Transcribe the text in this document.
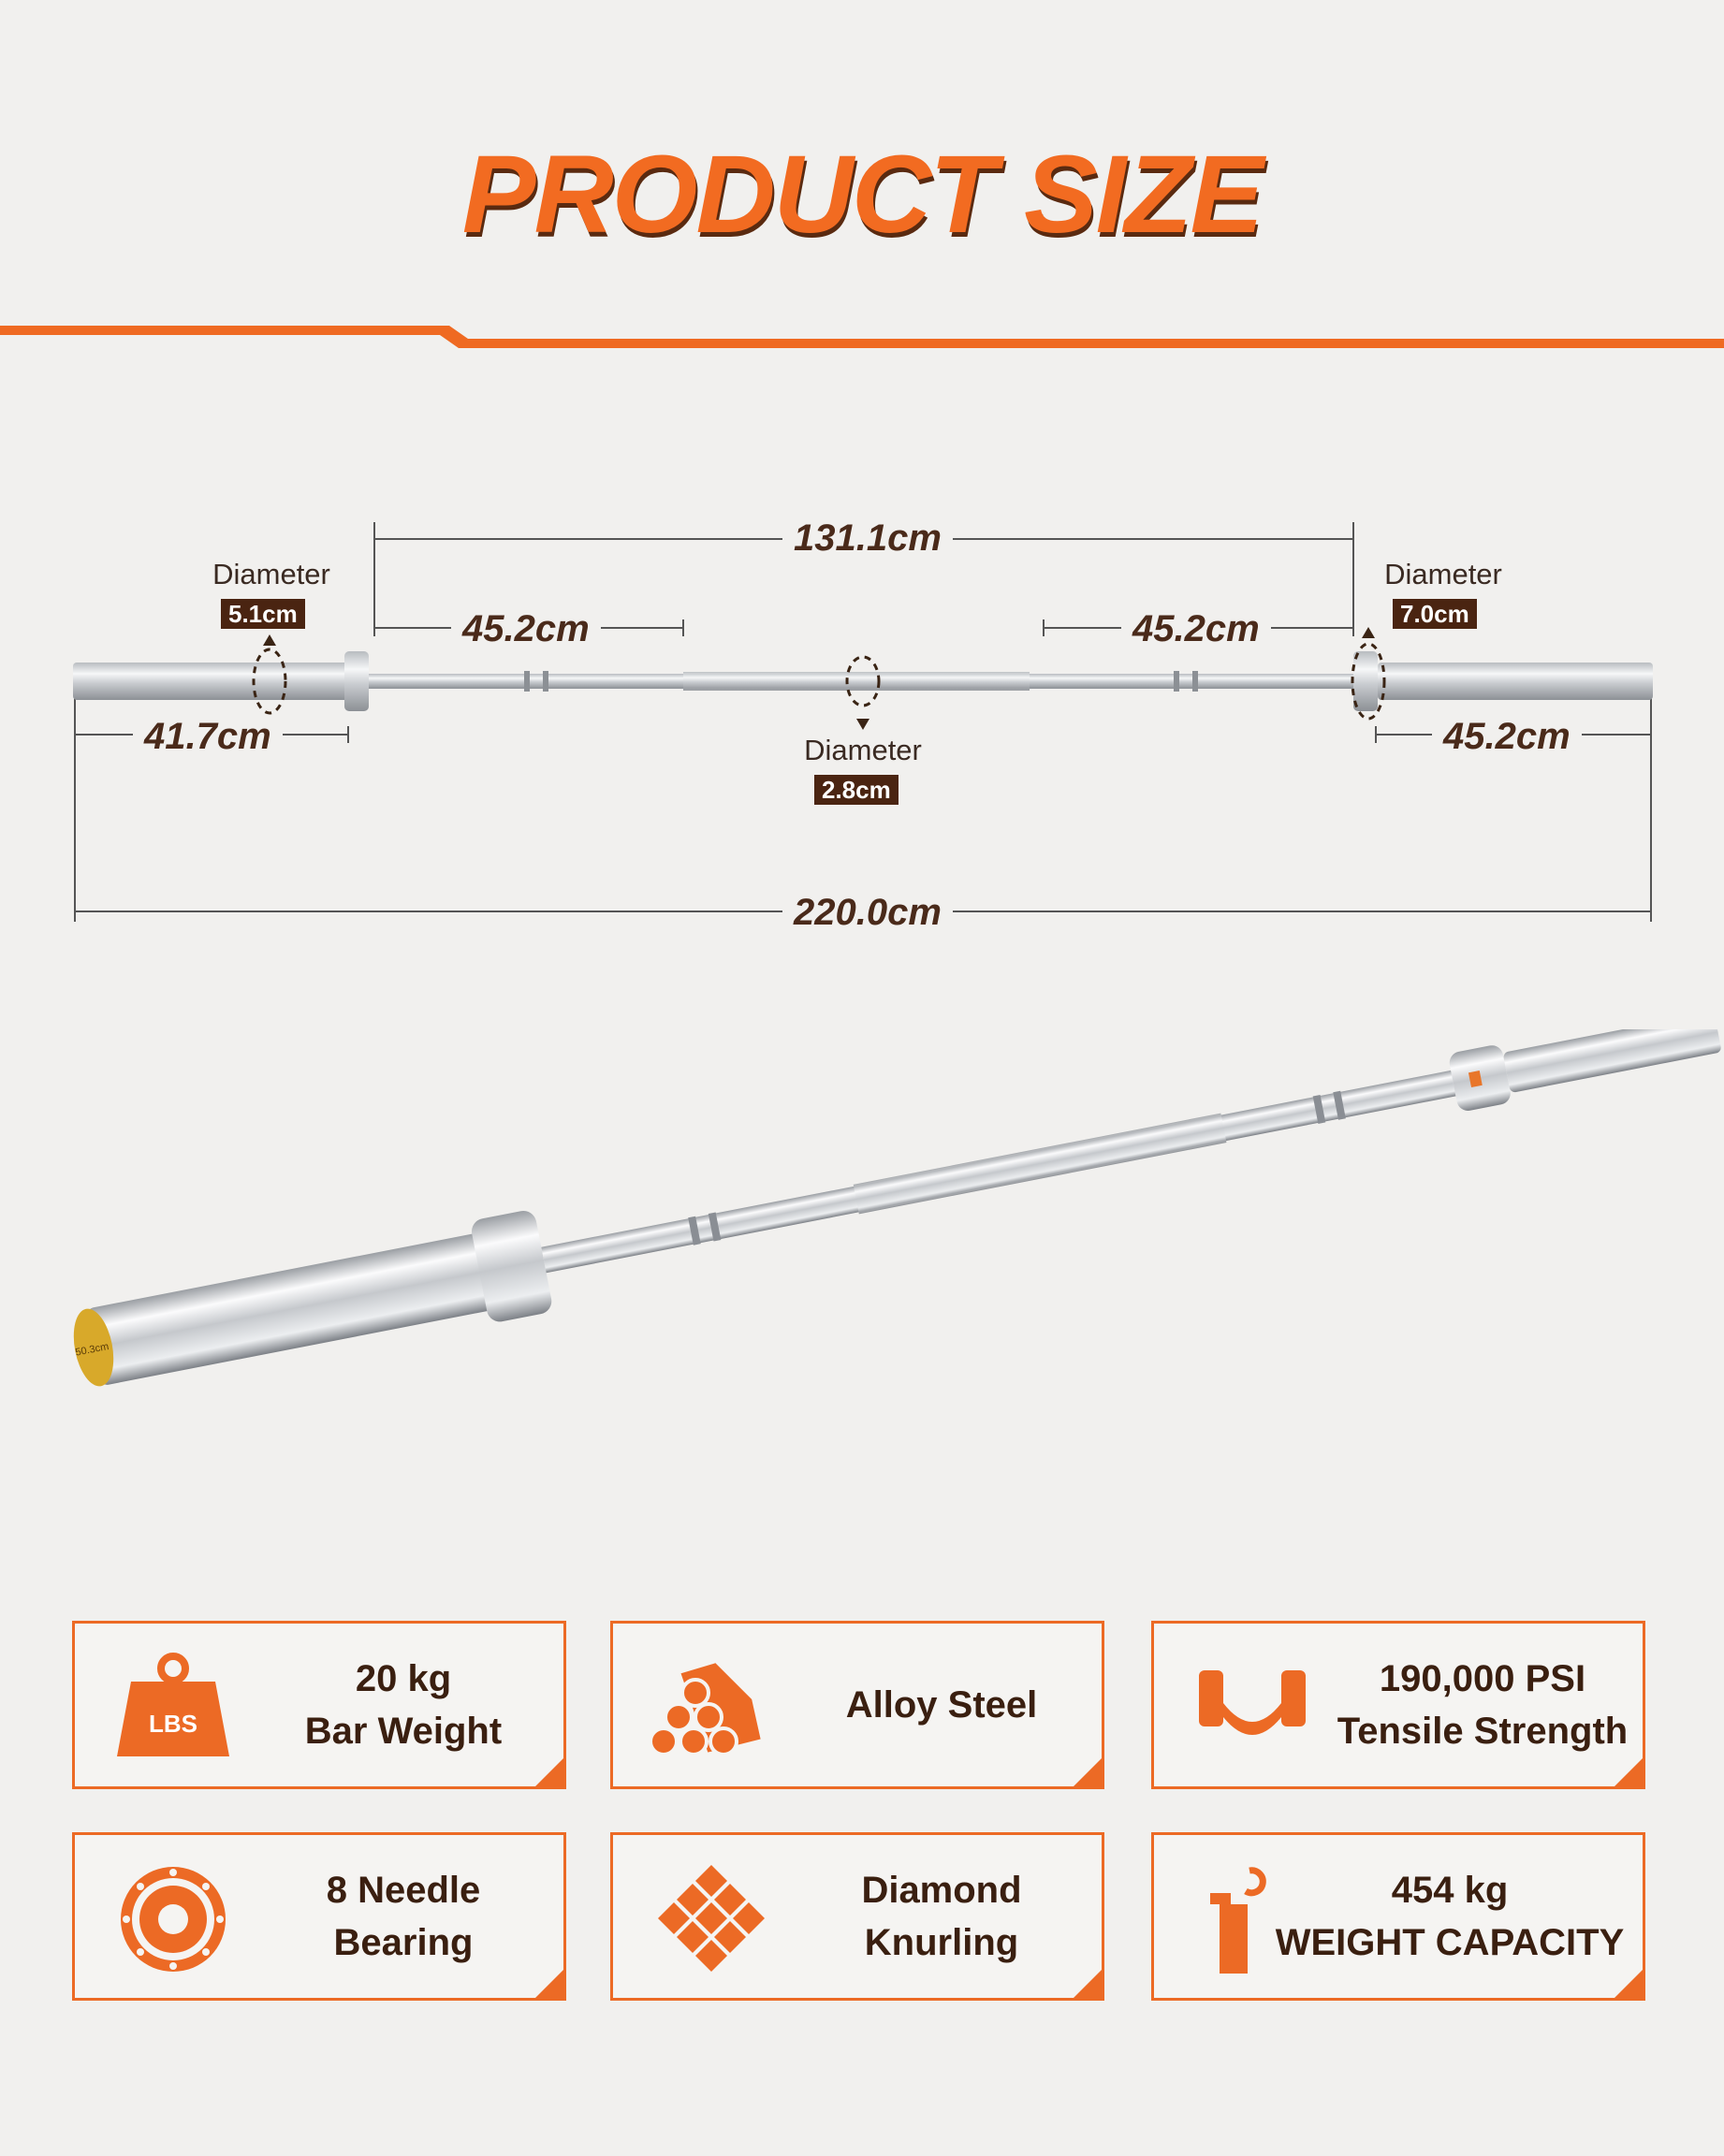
PRODUCT SIZE
131.1cm
45.2cm	45.2cm
41.7cm	45.2cm
220.0cm
Diameter
5.1cm
Diameter
7.0cm
Diameter
2.8cm
50.3cm
LBS
20 kg
Bar Weight
Alloy Steel
190,000 PSI
Tensile Strength
8 Needle
Bearing
Diamond
Knurling
454 kg
WEIGHT CAPACITY
